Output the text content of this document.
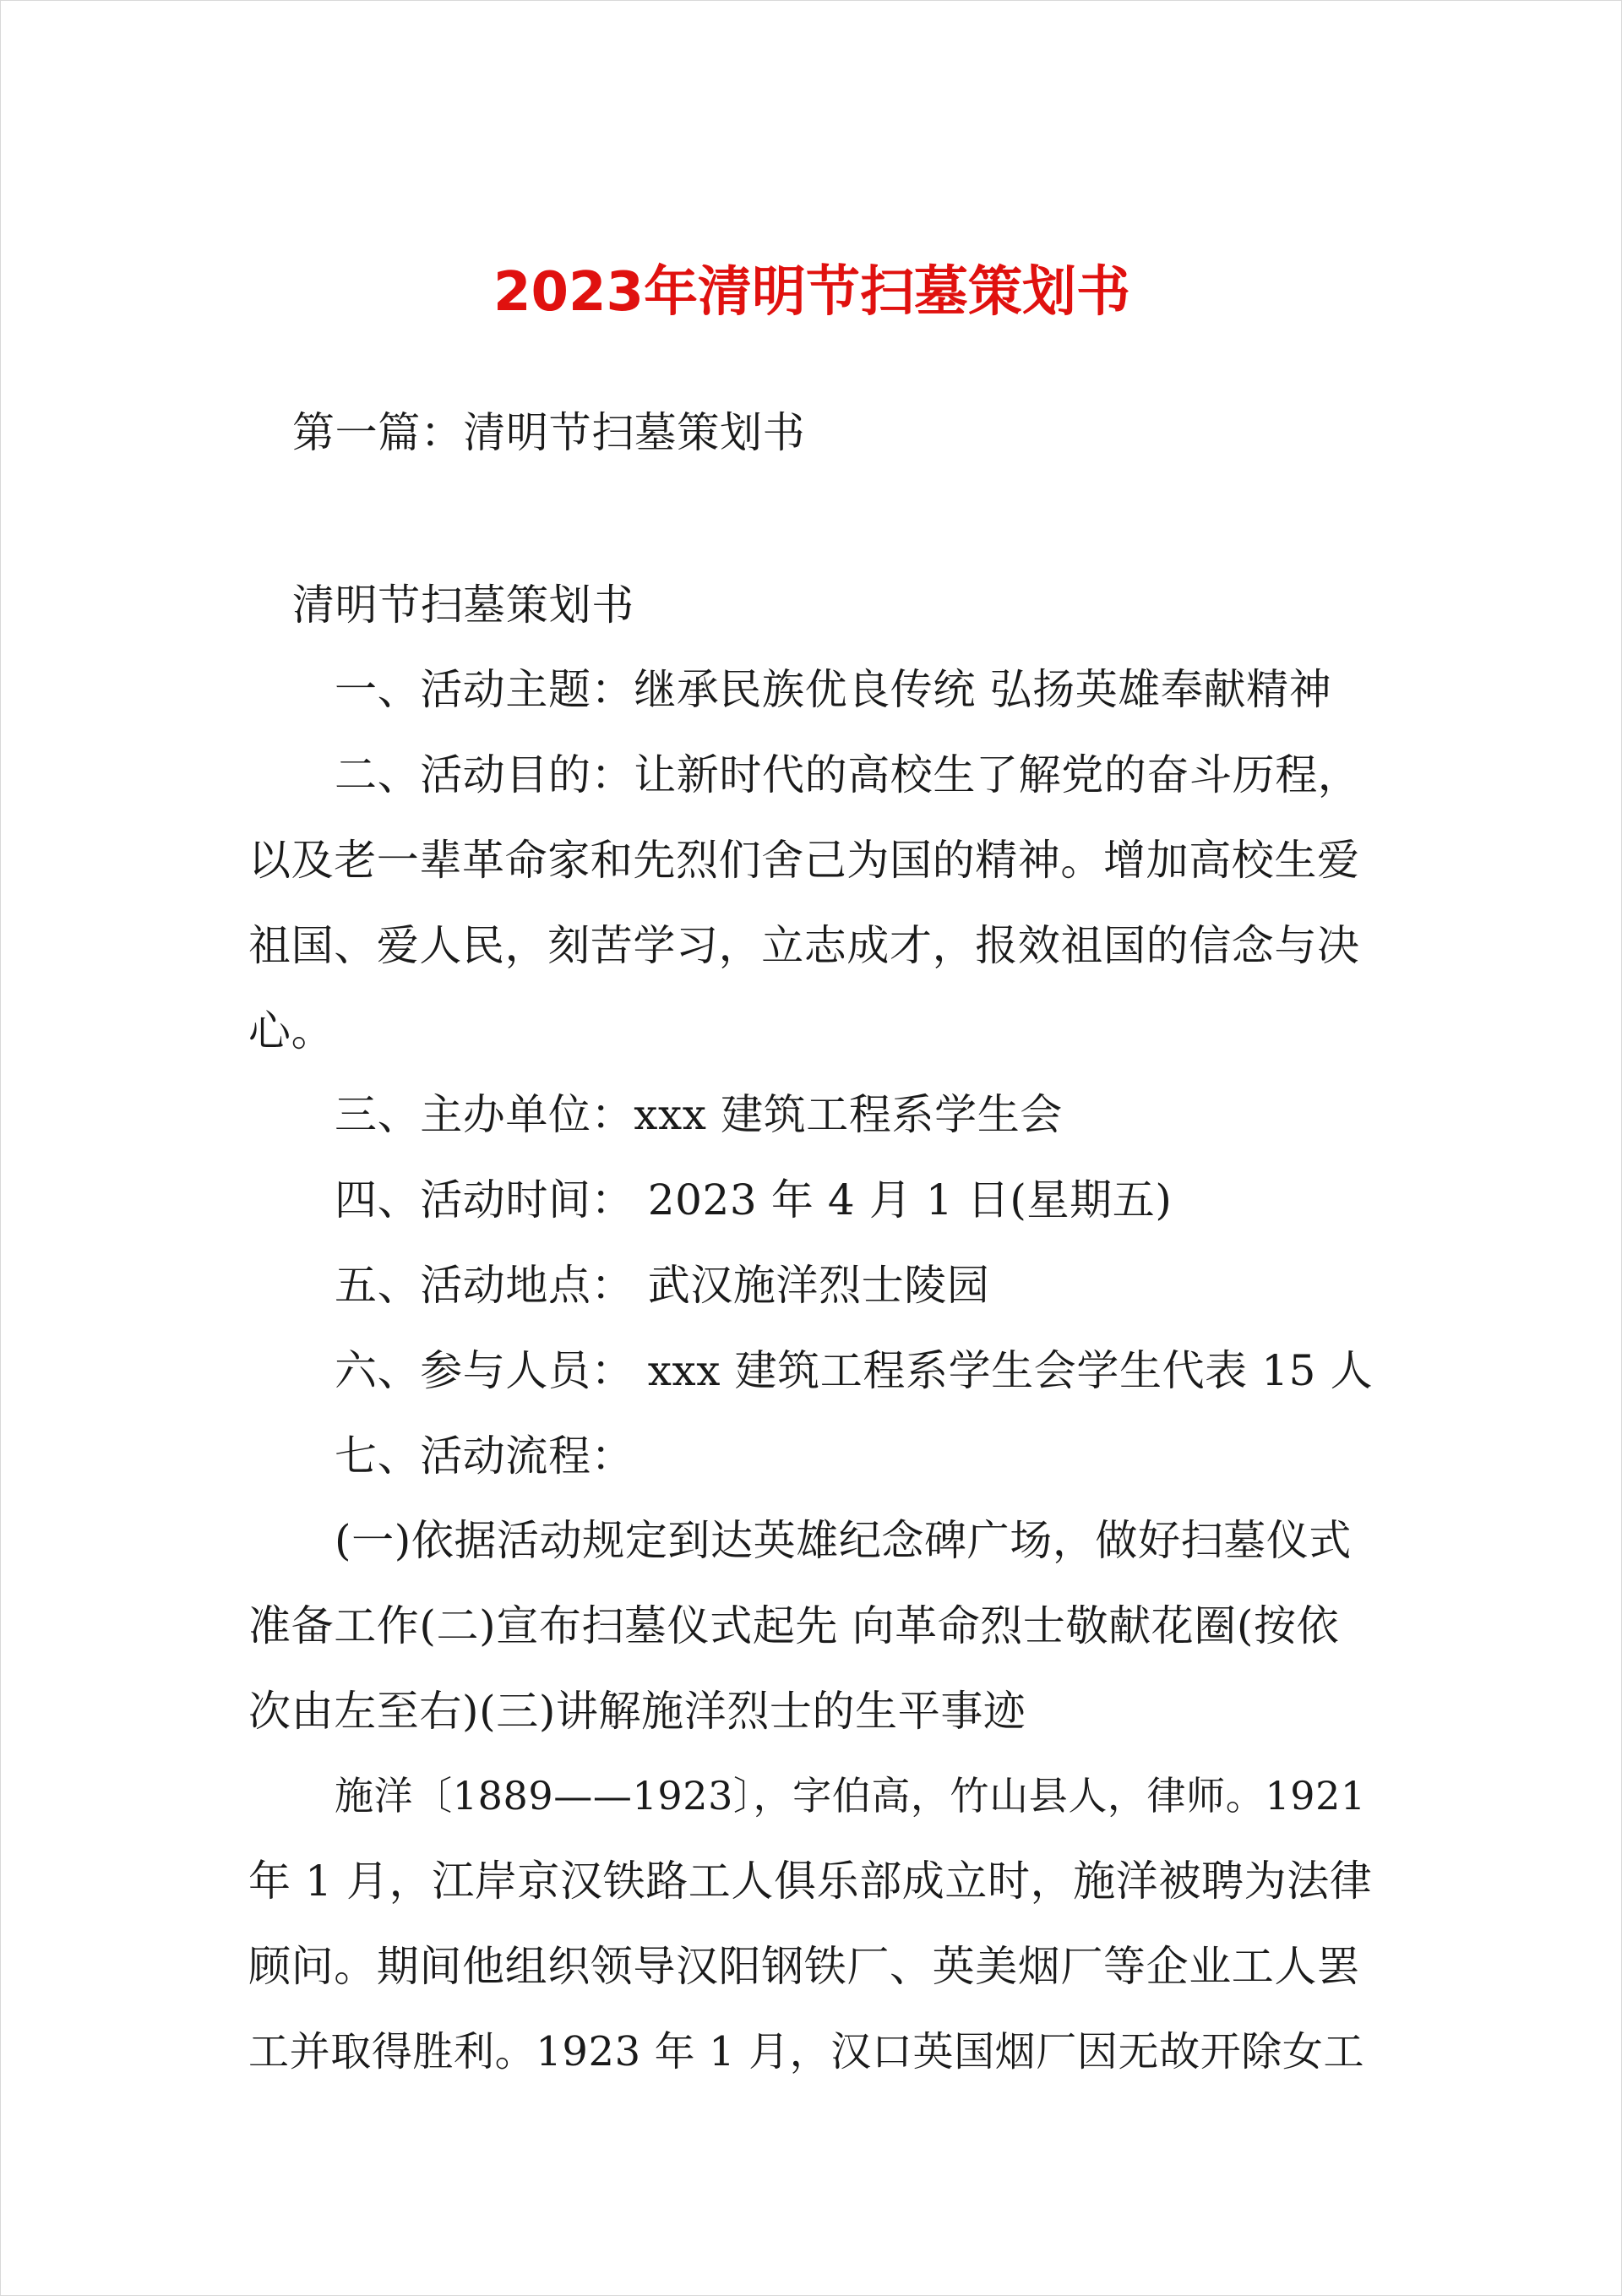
2023年清明节扫墓策划书

第一篇：清明节扫墓策划书

清明节扫墓策划书

一、活动主题：继承民族优良传统 弘扬英雄奉献精神

二、活动目的：让新时代的高校生了解党的奋斗历程，

以及老一辈革命家和先烈们舍己为国的精神。增加高校生爱

祖国、爱人民，刻苦学习，立志成才，报效祖国的信念与决

心。

三、主办单位：xxx 建筑工程系学生会

四、活动时间： 2023 年 4 月 1 日(星期五)

五、活动地点： 武汉施洋烈士陵园

六、参与人员： xxx 建筑工程系学生会学生代表 15 人

七、活动流程：

(一)依据活动规定到达英雄纪念碑广场，做好扫墓仪式

准备工作(二)宣布扫墓仪式起先 向革命烈士敬献花圈(按依

次由左至右)(三)讲解施洋烈士的生平事迹

施洋〔1889——1923〕，字伯高，竹山县人，律师。1921

年 1 月，江岸京汉铁路工人俱乐部成立时，施洋被聘为法律

顾问。期间他组织领导汉阳钢铁厂、英美烟厂等企业工人罢

工并取得胜利。1923 年 1 月，汉口英国烟厂因无故开除女工
